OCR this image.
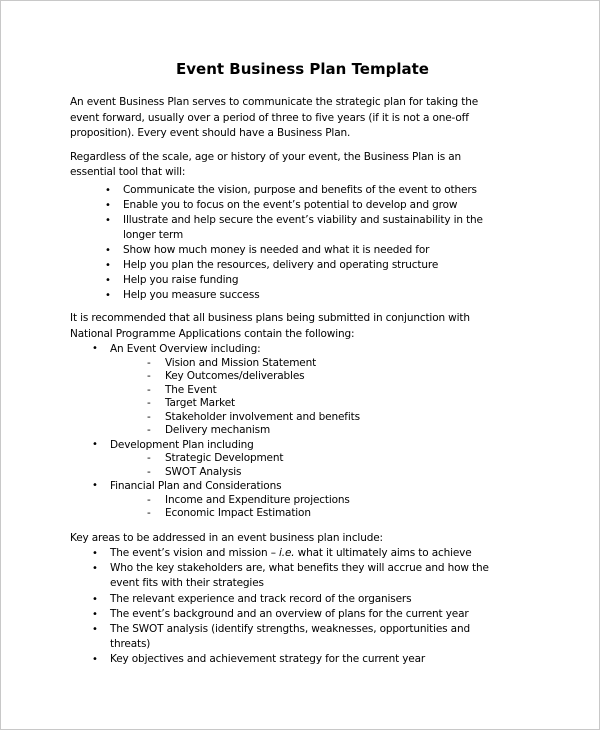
Event Business Plan Template

An event Business Plan serves to communicate the strategic plan for taking the
event forward, usually over a period of three to five years (if it is not a one-off
proposition). Every event should have a Business Plan.

Regardless of the scale, age or history of your event, the Business Plan is an
essential tool that will:

•	Communicate the vision, purpose and benefits of the event to others
•	Enable you to focus on the event’s potential to develop and grow
•	Illustrate and help secure the event’s viability and sustainability in the
longer term
•	Show how much money is needed and what it is needed for
•	Help you plan the resources, delivery and operating structure
•	Help you raise funding
•	Help you measure success

It is recommended that all business plans being submitted in conjunction with
National Programme Applications contain the following:

•	An Event Overview including:
-	Vision and Mission Statement
-	Key Outcomes/deliverables
-	The Event
-	Target Market
-	Stakeholder involvement and benefits
-	Delivery mechanism
•	Development Plan including
-	Strategic Development
-	SWOT Analysis
•	Financial Plan and Considerations
-	Income and Expenditure projections
-	Economic Impact Estimation

Key areas to be addressed in an event business plan include:

•	The event’s vision and mission – i.e. what it ultimately aims to achieve
•	Who the key stakeholders are, what benefits they will accrue and how the
event fits with their strategies
•	The relevant experience and track record of the organisers
•	The event’s background and an overview of plans for the current year
•	The SWOT analysis (identify strengths, weaknesses, opportunities and
threats)
•	Key objectives and achievement strategy for the current year
